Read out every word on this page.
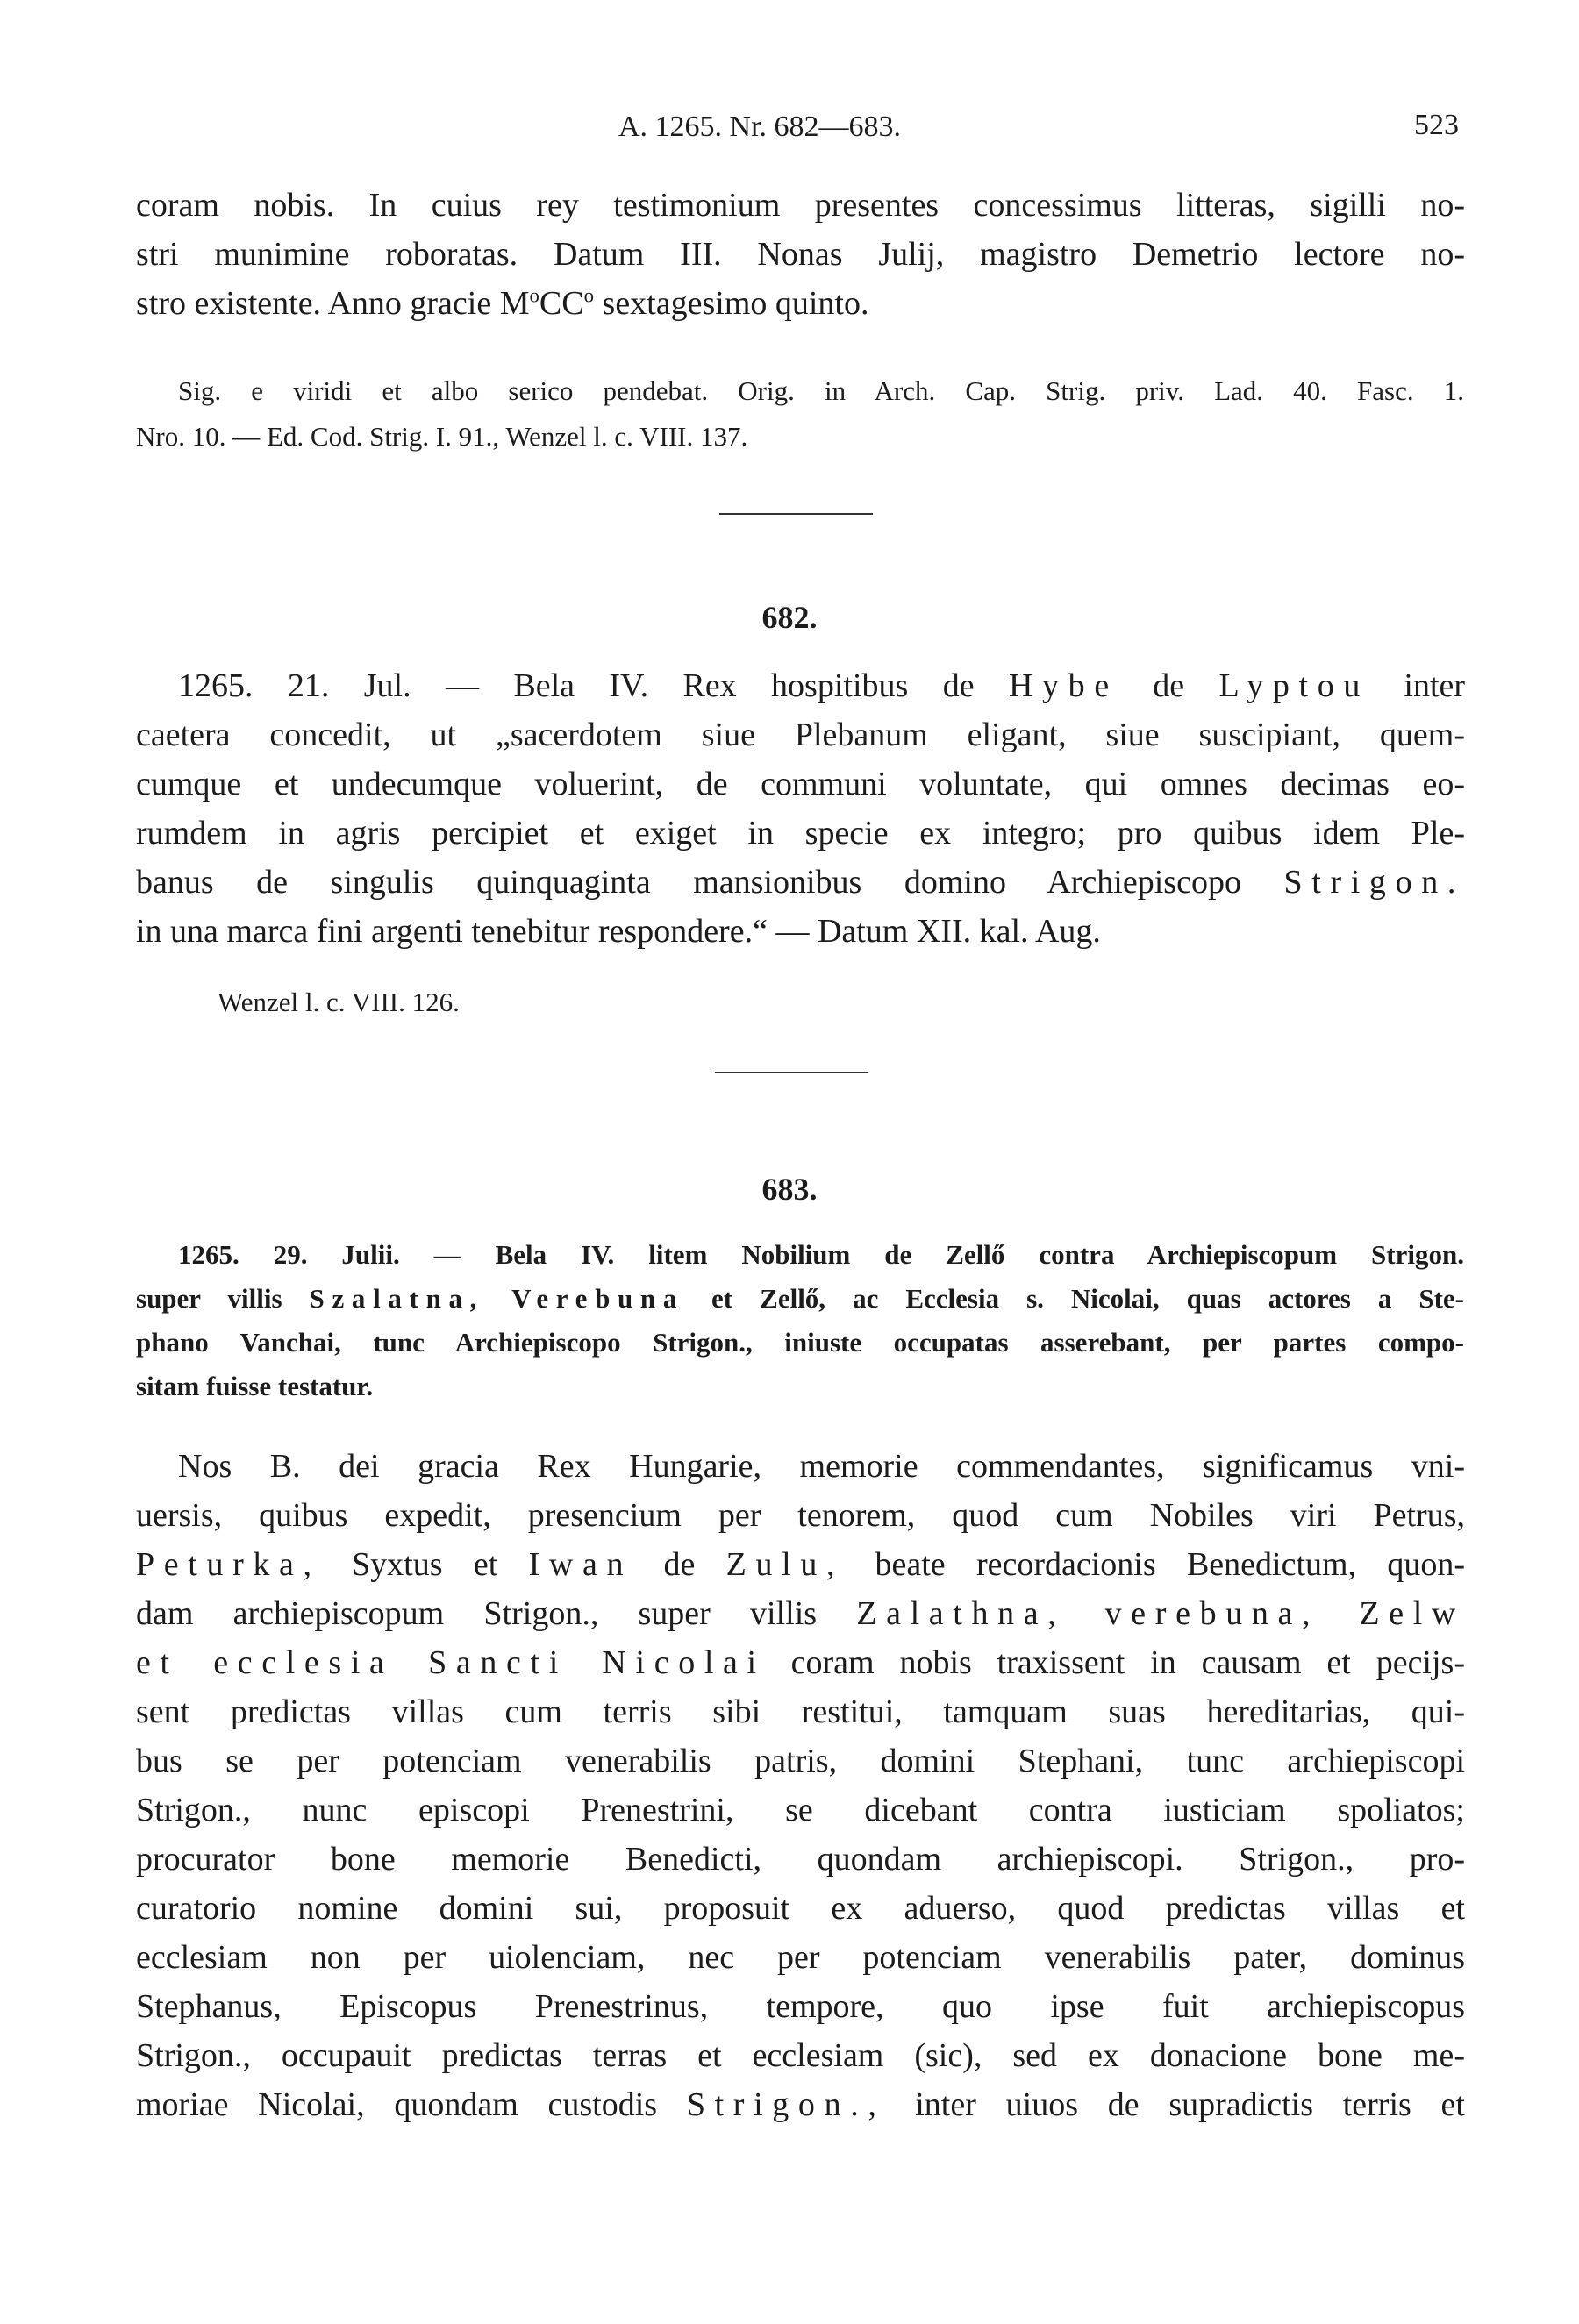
A. 1265. Nr. 682—683.	523
coram nobis. In cuius rey testimonium presentes concessimus litteras, sigilli no-
stri munimine roboratas. Datum III. Nonas Julij, magistro Demetrio lectore no-
stro existente. Anno gracie $M^oCC^o$ sextagesimo quinto.
Sig. e viridi et albo serico pendebat. Orig. in Arch. Cap. Strig. priv. Lad. 40. Fasc. 1.
Nro. 10. — Ed. Cod. Strig. I. 91., Wenzel l. c. VIII. 137.
682.
1265. 21. Jul. — Bela IV. Rex hospitibus de Hybe de Lyptou inter
caetera concedit, ut „sacerdotem siue Plebanum eligant, siue suscipiant, quem-
cumque et undecumque voluerint, de communi voluntate, qui omnes decimas eo-
rumdem in agris percipiet et exiget in specie ex integro; pro quibus idem Ple-
banus de singulis quinquaginta mansionibus domino Archiepiscopo Strigon.
in una marca fini argenti tenebitur respondere.“ — Datum XII. kal. Aug.
Wenzel l. c. VIII. 126.
683.
1265. 29. Julii. — Bela IV. litem Nobilium de Zellő contra Archiepiscopum Strigon.
super villis Szalatna, Verebuna et Zellő, ac Ecclesia s. Nicolai, quas actores a Ste-
phano Vanchai, tunc Archiepiscopo Strigon., iniuste occupatas asserebant, per partes compo-
sitam fuisse testatur.
Nos B. dei gracia Rex Hungarie, memorie commendantes, significamus vni-
uersis, quibus expedit, presencium per tenorem, quod cum Nobiles viri Petrus,
Peturka, Syxtus et Iwan de Zulu, beate recordacionis Benedictum, quon-
dam archiepiscopum Strigon., super villis Zalathna, verebuna, Zelw
et ecclesia Sancti Nicolai coram nobis traxissent in causam et pecijs-
sent predictas villas cum terris sibi restitui, tamquam suas hereditarias, qui-
bus se per potenciam venerabilis patris, domini Stephani, tunc archiepiscopi
Strigon., nunc episcopi Prenestrini, se dicebant contra iusticiam spoliatos;
procurator bone memorie Benedicti, quondam archiepiscopi. Strigon., pro-
curatorio nomine domini sui, proposuit ex aduerso, quod predictas villas et
ecclesiam non per uiolenciam, nec per potenciam venerabilis pater, dominus
Stephanus, Episcopus Prenestrinus, tempore, quo ipse fuit archiepiscopus
Strigon., occupauit predictas terras et ecclesiam (sic), sed ex donacione bone me-
moriae Nicolai, quondam custodis Strigon., inter uiuos de supradictis terris et
